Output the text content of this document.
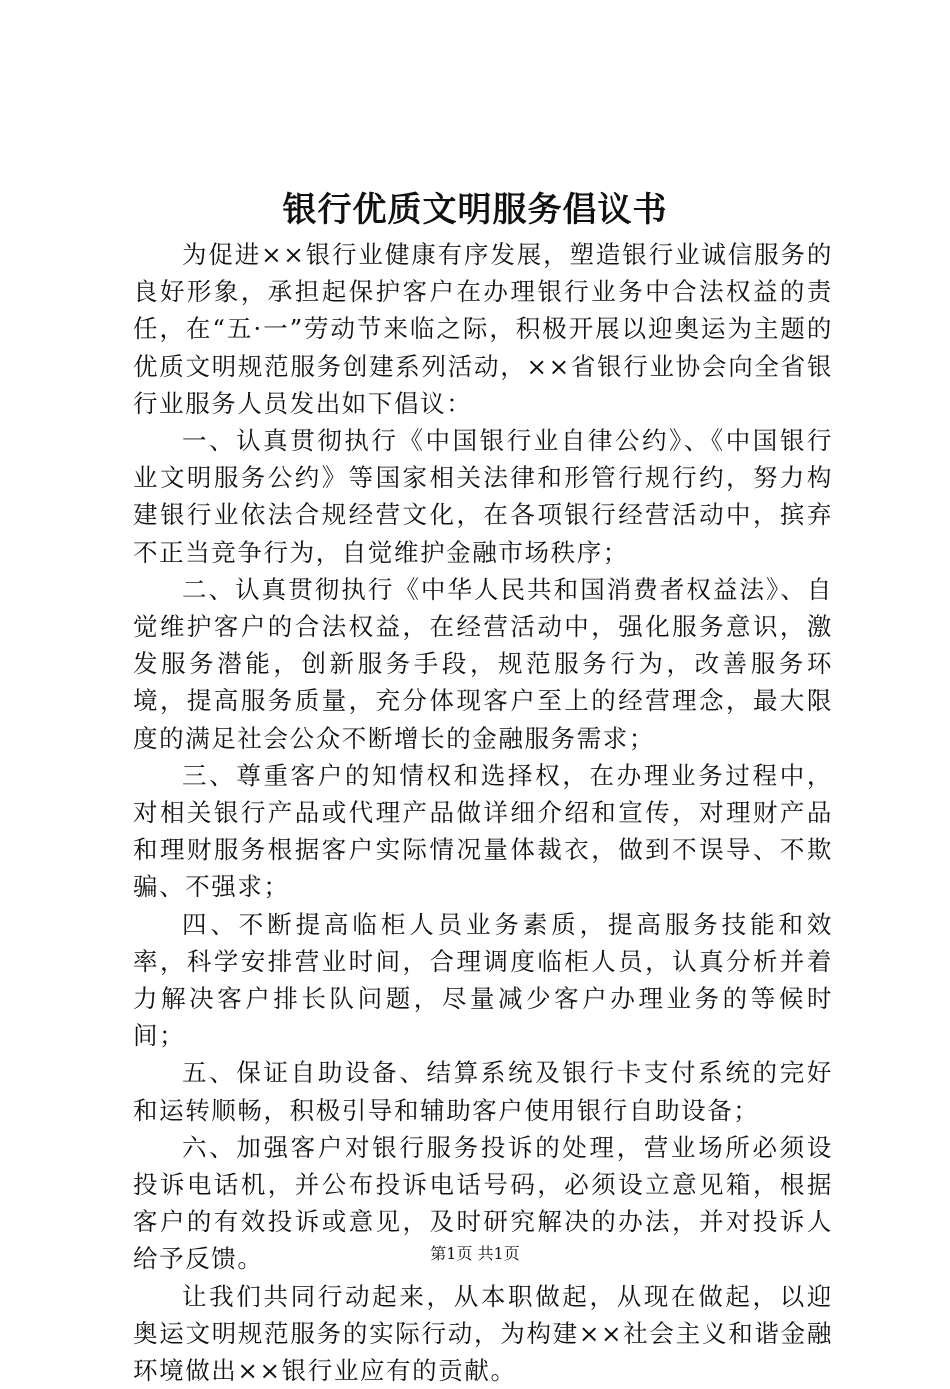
银行优质文明服务倡议书

为促进××银行业健康有序发展，塑造银行业诚信服务的良好形象，承担起保护客户在办理银行业务中合法权益的责任，在“五·一”劳动节来临之际，积极开展以迎奥运为主题的优质文明规范服务创建系列活动，××省银行业协会向全省银行业服务人员发出如下倡议：

一、认真贯彻执行《中国银行业自律公约》、《中国银行业文明服务公约》等国家相关法律和形管行规行约，努力构建银行业依法合规经营文化，在各项银行经营活动中，摈弃不正当竞争行为，自觉维护金融市场秩序；

二、认真贯彻执行《中华人民共和国消费者权益法》、自觉维护客户的合法权益，在经营活动中，强化服务意识，激发服务潜能，创新服务手段，规范服务行为，改善服务环境，提高服务质量，充分体现客户至上的经营理念，最大限度的满足社会公众不断增长的金融服务需求；

三、尊重客户的知情权和选择权，在办理业务过程中，对相关银行产品或代理产品做详细介绍和宣传，对理财产品和理财服务根据客户实际情况量体裁衣，做到不误导、不欺骗、不强求；

四、不断提高临柜人员业务素质，提高服务技能和效率，科学安排营业时间，合理调度临柜人员，认真分析并着力解决客户排长队问题，尽量减少客户办理业务的等候时间；

五、保证自助设备、结算系统及银行卡支付系统的完好和运转顺畅，积极引导和辅助客户使用银行自助设备；

六、加强客户对银行服务投诉的处理，营业场所必须设投诉电话机，并公布投诉电话号码，必须设立意见箱，根据客户的有效投诉或意见，及时研究解决的办法，并对投诉人给予反馈。

让我们共同行动起来，从本职做起，从现在做起，以迎奥运文明规范服务的实际行动，为构建××社会主义和谐金融环境做出××银行业应有的贡献。

第1页 共1页
